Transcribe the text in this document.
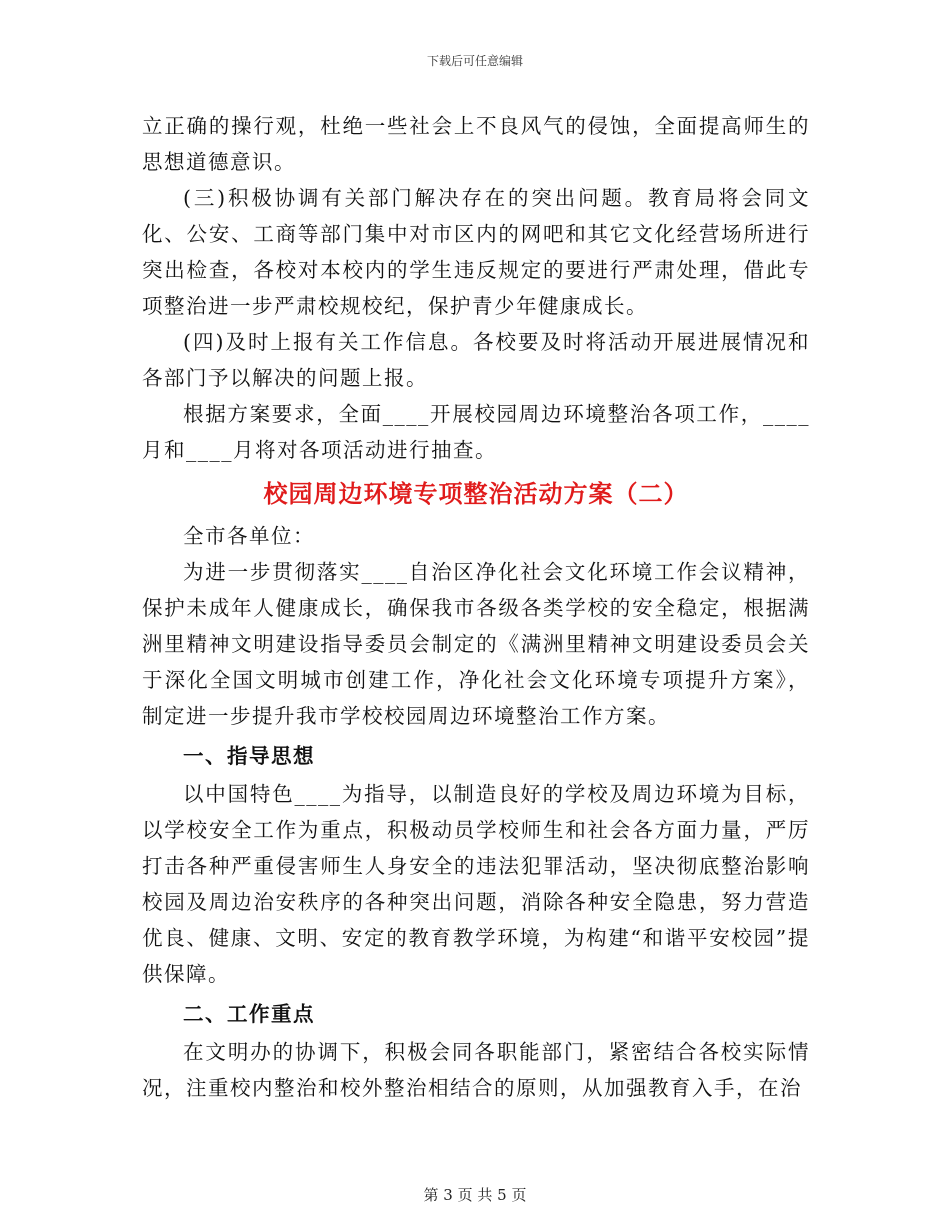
下载后可任意编辑

立正确的操行观，杜绝一些社会上不良风气的侵蚀，全面提高师生的思想道德意识。

(三)积极协调有关部门解决存在的突出问题。教育局将会同文化、公安、工商等部门集中对市区内的网吧和其它文化经营场所进行突出检查，各校对本校内的学生违反规定的要进行严肃处理，借此专项整治进一步严肃校规校纪，保护青少年健康成长。

(四)及时上报有关工作信息。各校要及时将活动开展进展情况和各部门予以解决的问题上报。

根据方案要求，全面____开展校园周边环境整治各项工作，____月和____月将对各项活动进行抽查。

校园周边环境专项整治活动方案（二）

全市各单位：

为进一步贯彻落实____自治区净化社会文化环境工作会议精神，保护未成年人健康成长，确保我市各级各类学校的安全稳定，根据满洲里精神文明建设指导委员会制定的《满洲里精神文明建设委员会关于深化全国文明城市创建工作，净化社会文化环境专项提升方案》，制定进一步提升我市学校校园周边环境整治工作方案。

一、指导思想

以中国特色____为指导，以制造良好的学校及周边环境为目标，以学校安全工作为重点，积极动员学校师生和社会各方面力量，严厉打击各种严重侵害师生人身安全的违法犯罪活动，坚决彻底整治影响校园及周边治安秩序的各种突出问题，消除各种安全隐患，努力营造优良、健康、文明、安定的教育教学环境，为构建“和谐平安校园”提供保障。

二、工作重点

在文明办的协调下，积极会同各职能部门，紧密结合各校实际情况，注重校内整治和校外整治相结合的原则，从加强教育入手，在治

第 3 页 共 5 页
